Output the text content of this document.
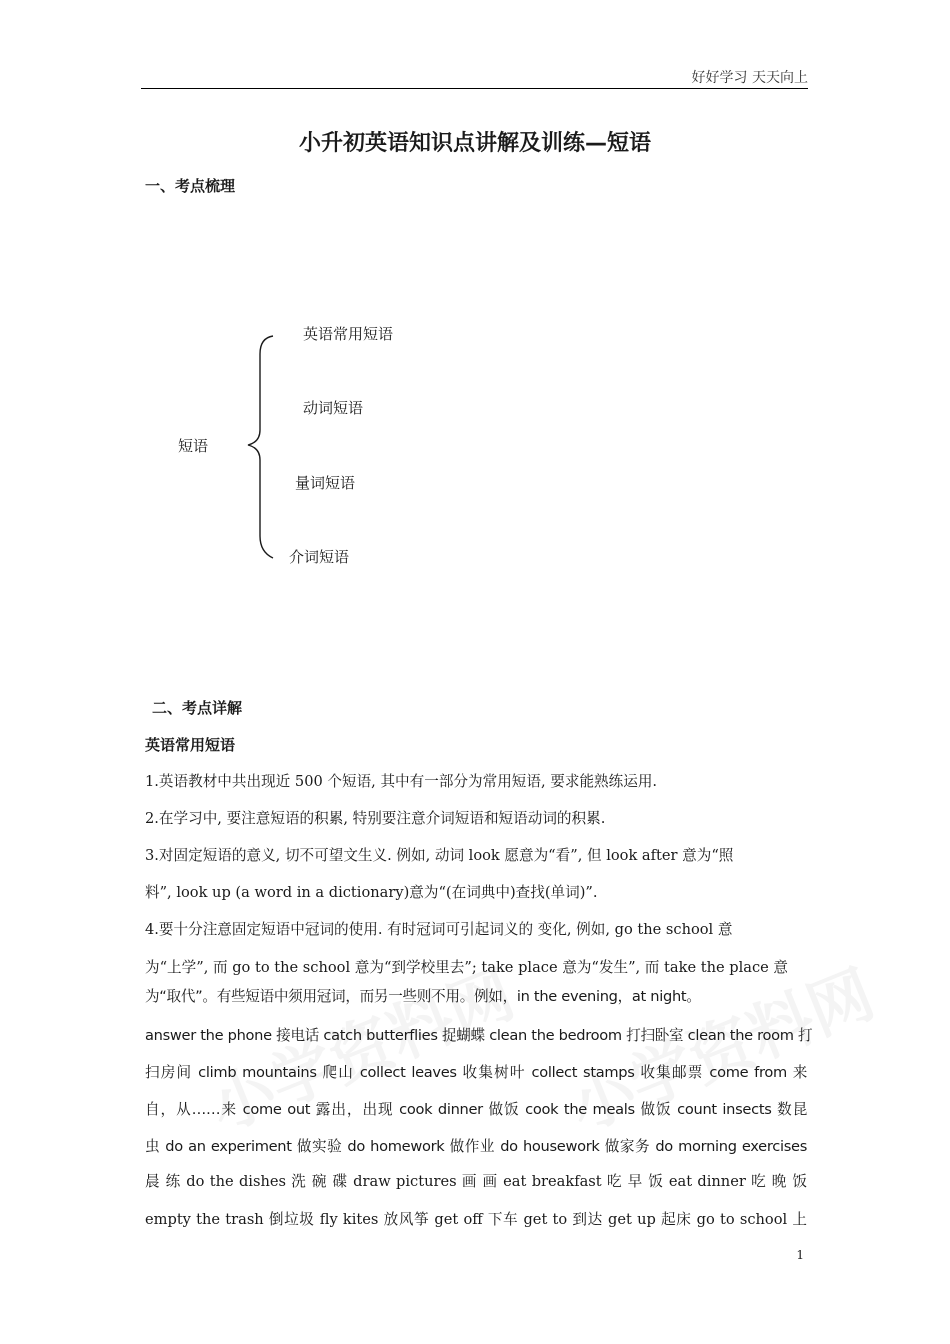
好好学习 天天向上
小升初英语知识点讲解及训练—短语
一、考点梳理
短语
英语常用短语
动词短语
量词短语
介词短语
二、考点详解
英语常用短语
1.英语教材中共出现近 500 个短语, 其中有一部分为常用短语, 要求能熟练运用.
2.在学习中, 要注意短语的积累, 特别要注意介词短语和短语动词的积累.
3.对固定短语的意义, 切不可望文生义. 例如, 动词 look 愿意为“看”, 但 look after 意为“照
料”, look up (a word in a dictionary)意为“(在词典中)查找(单词)”.
4.要十分注意固定短语中冠词的使用. 有时冠词可引起词义的 变化, 例如, go the school 意
为“上学”, 而 go to the school 意为“到学校里去”; take place 意为“发生”, 而 take the place 意
为“取代”。有些短语中须用冠词，而另一些则不用。例如，in the evening，at night。
answer the phone 接电话 catch butterflies 捉蝴蝶 clean the bedroom 打扫卧室 clean the room 打
扫房间 climb mountains 爬山 collect leaves 收集树叶 collect stamps 收集邮票 come from 来
自，从……来 come out 露出，出现 cook dinner 做饭 cook the meals 做饭 count insects 数昆
虫 do an experiment 做实验 do homework 做作业 do housework 做家务 do morning exercises
晨 练 do the dishes 洗 碗 碟 draw pictures 画 画 eat breakfast 吃 早 饭 eat dinner 吃 晚 饭
empty the trash 倒垃圾 fly kites 放风筝 get off 下车 get to 到达 get up 起床 go to school 上
1
